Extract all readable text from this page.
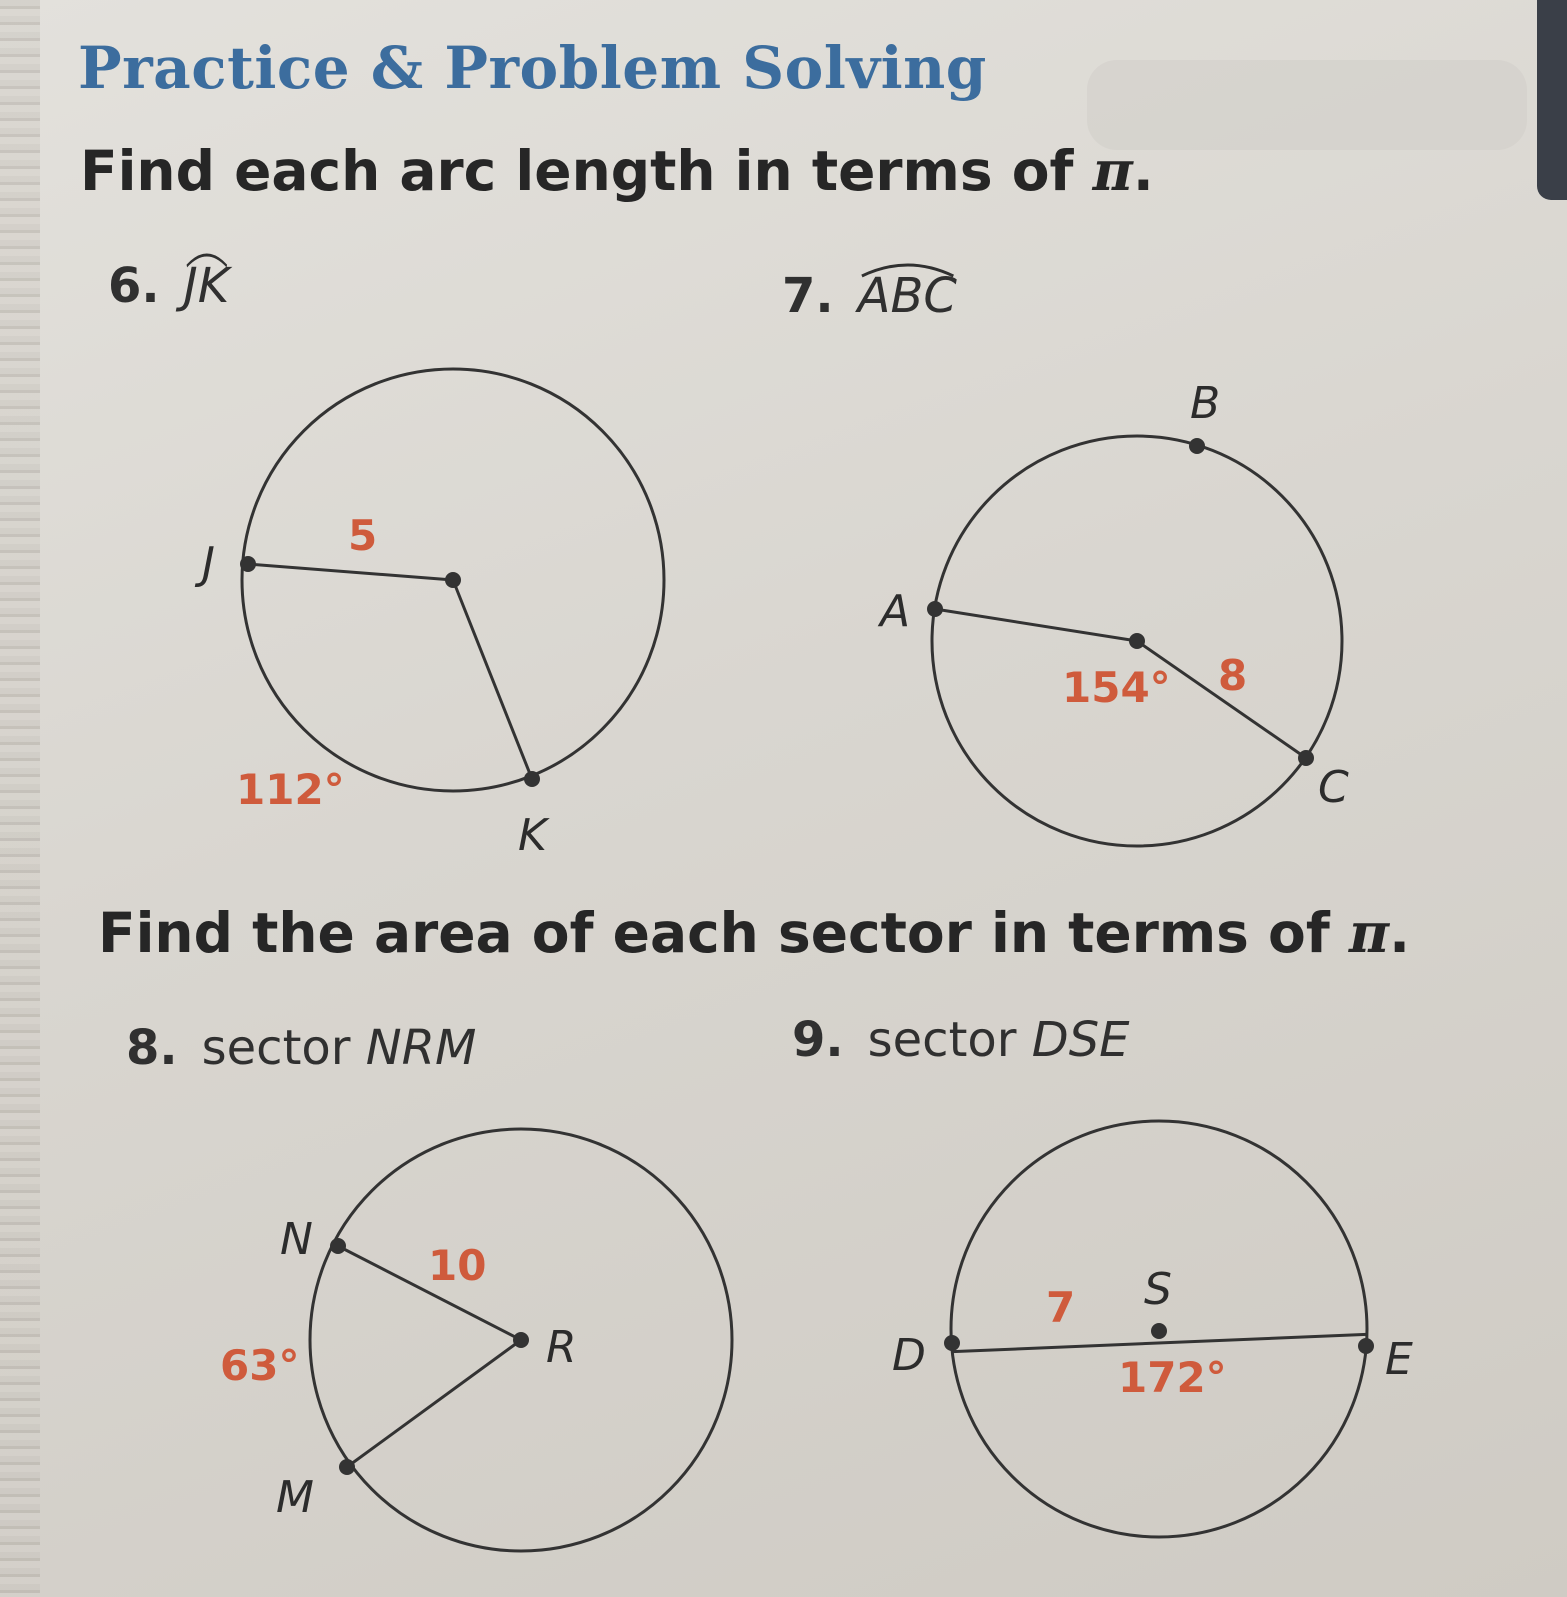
Practice & Problem Solving

Find each arc length in terms of π.

6. JK	7. ABC

Find the area of each sector in terms of π.

8. sector NRM	9. sector DSE
J
K
5
112°
A
B
C
8
154°
N
R
M
10
63°	D
S
E
7
172°
